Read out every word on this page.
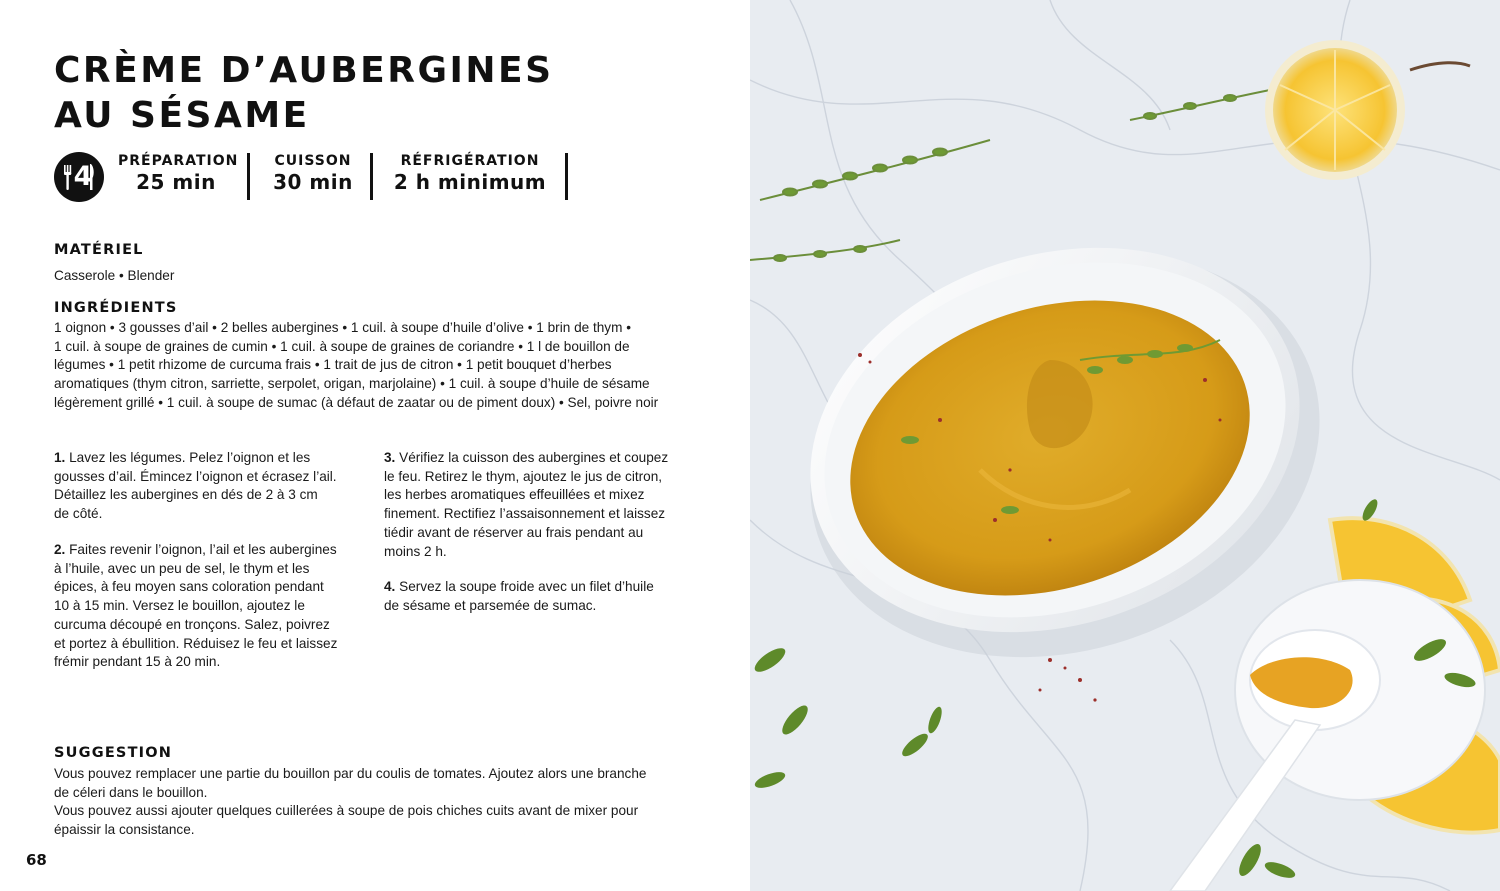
CRÈME D’AUBERGINES
AU SÉSAME
4 PRÉPARATION
25 min
CUISSON
30 min
RÉFRIGÉRATION
2 h minimum
MATÉRIEL

Casserole • Blender

INGRÉDIENTS

1 oignon • 3 gousses d’ail • 2 belles aubergines • 1 cuil. à soupe d’huile d’olive • 1 brin de thym •
1 cuil. à soupe de graines de cumin • 1 cuil. à soupe de graines de coriandre • 1 l de bouillon de
légumes • 1 petit rhizome de curcuma frais • 1 trait de jus de citron • 1 petit bouquet d’herbes
aromatiques (thym citron, sarriette, serpolet, origan, marjolaine) • 1 cuil. à soupe d’huile de sésame
légèrement grillé • 1 cuil. à soupe de sumac (à défaut de zaatar ou de piment doux) • Sel, poivre noir

1. Lavez les légumes. Pelez l’oignon et les
gousses d’ail. Émincez l’oignon et écrasez l’ail.
Détaillez les aubergines en dés de 2 à 3 cm
de côté.
2. Faites revenir l’oignon, l’ail et les aubergines
à l’huile, avec un peu de sel, le thym et les
épices, à feu moyen sans coloration pendant
10 à 15 min. Versez le bouillon, ajoutez le
curcuma découpé en tronçons. Salez, poivrez
et portez à ébullition. Réduisez le feu et laissez
frémir pendant 15 à 20 min.
3. Vérifiez la cuisson des aubergines et coupez
le feu. Retirez le thym, ajoutez le jus de citron,
les herbes aromatiques effeuillées et mixez
finement. Rectifiez l’assaisonnement et laissez
tiédir avant de réserver au frais pendant au
moins 2 h.
4. Servez la soupe froide avec un filet d’huile
de sésame et parsemée de sumac.
SUGGESTION

Vous pouvez remplacer une partie du bouillon par du coulis de tomates. Ajoutez alors une branche
de céleri dans le bouillon.
Vous pouvez aussi ajouter quelques cuillerées à soupe de pois chiches cuits avant de mixer pour
épaissir la consistance.

68
